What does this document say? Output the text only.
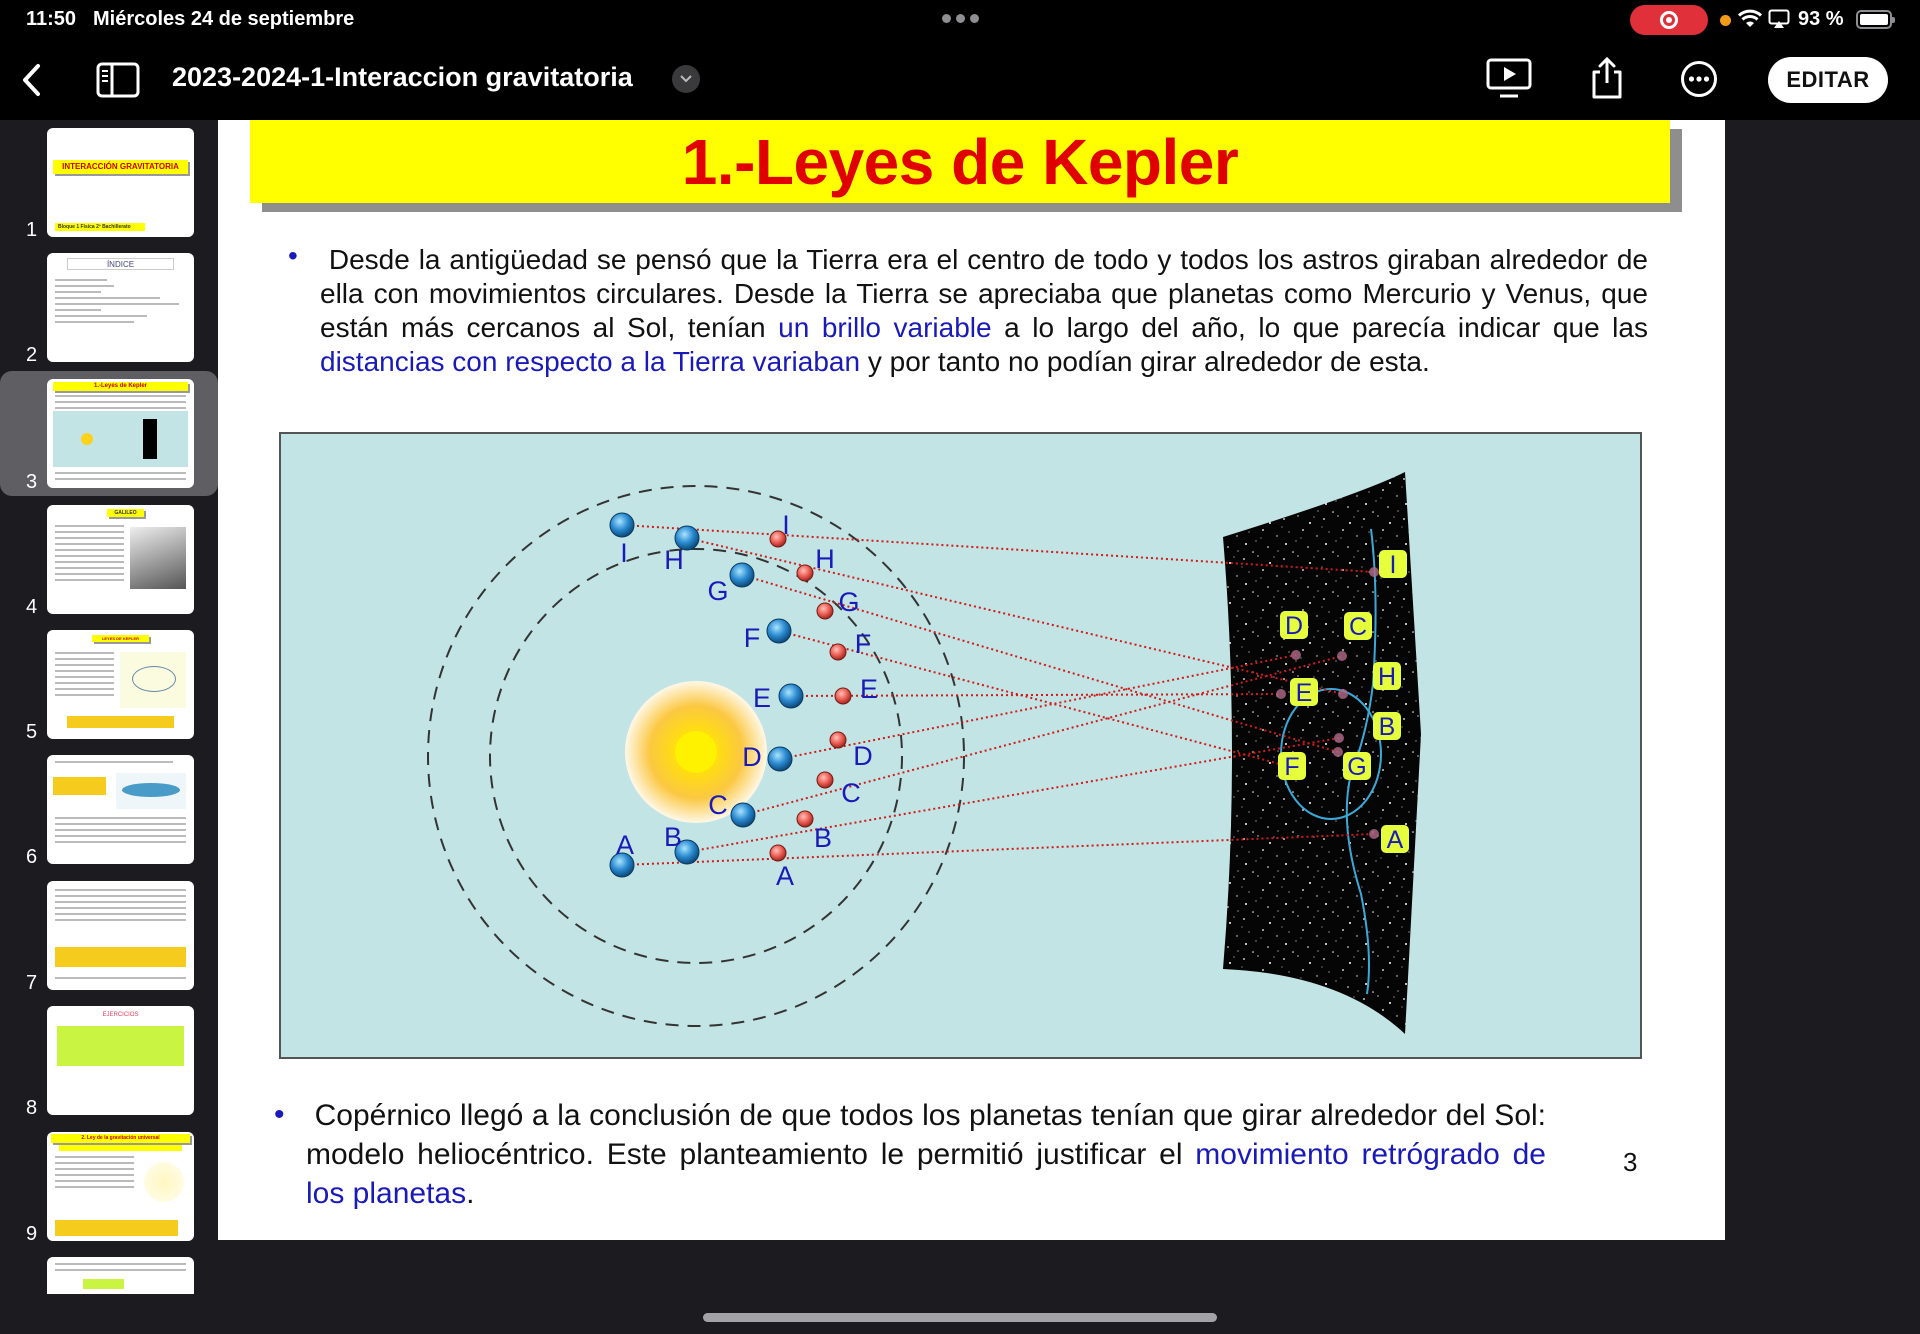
11:50 Miércoles 24 de septiembre	93 %
2023-2024-1-Interaccion gravitatoria	EDITAR
1
INTERACCIÓN GRAVITATORIA
Bloque 1 Física 2º Bachillerato
2
ÍNDICE
3
1.-Leyes de Kepler
4
GALILEO
5
LEYES DE KEPLER
6
7
8
EJERCICIOS
9
2. Ley de la gravitación universal
1.-Leyes de Kepler
•	Desde la antigüedad se pensó que la Tierra era el centro de todo y todos los astros giraban alrededor de ella con movimientos circulares. Desde la Tierra se apreciaba que planetas como Mercurio y Venus, que están más cercanos al Sol, tenían un brillo variable a lo largo del año, lo que parecía indicar que las distancias con respecto a la Tierra variaban y por tanto no podían girar alrededor de esta.
A B
C
D
E
F
G
H
I
A
B
C
D
E
F
G
H
I
A
B
C
D
E
F G
H
I
• Copérnico llegó a la conclusión de que todos los planetas tenían que girar alrededor del Sol: modelo heliocéntrico. Este planteamiento le permitió justificar el movimiento retrógrado de los planetas.
3
